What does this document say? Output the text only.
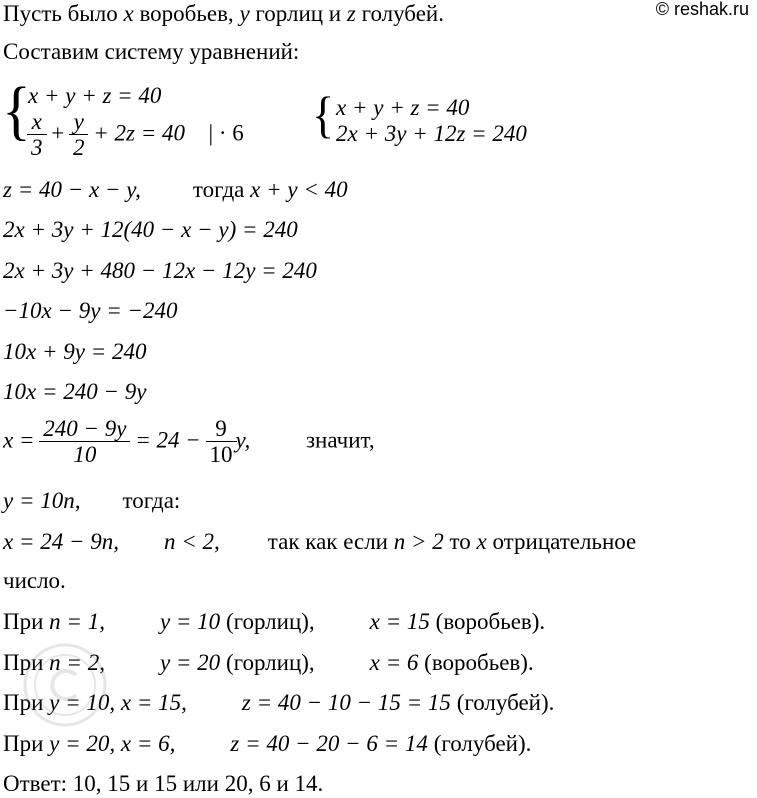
© reshak.ru
Пусть было x воробьев, y горлиц и z голубей.
Составим систему уравнений:
{
x + y + z = 40
$\frac{x}{3} + \frac{y}{2} + 2z = 40$ | · 6 { x + y + z = 40
2x + 3y + 12z = 240
z = 40 − x − y, тогда x + y < 40
2x + 3y + 12(40 − x − y) = 240
2x + 3y + 480 − 12x − 12y = 240
−10x − 9y = −240
10x + 9y = 240
10x = 240 − 9y
$x = \frac{240 - 9y}{10} = 24 - \frac{9}{10} y$, значит,
y = 10n, тогда:
x = 24 − 9n, n < 2, так как если n > 2 то x отрицательное
число.
При n = 1, y = 10 (горлиц), x = 15 (воробьев).
При n = 2, y = 20 (горлиц), x = 6 (воробьев).
При y = 10, x = 15, z = 40 − 10 − 15 = 15 (голубей).
При y = 20, x = 6, z = 40 − 20 − 6 = 14 (голубей).
Ответ: 10, 15 и 15 или 20, 6 и 14.
